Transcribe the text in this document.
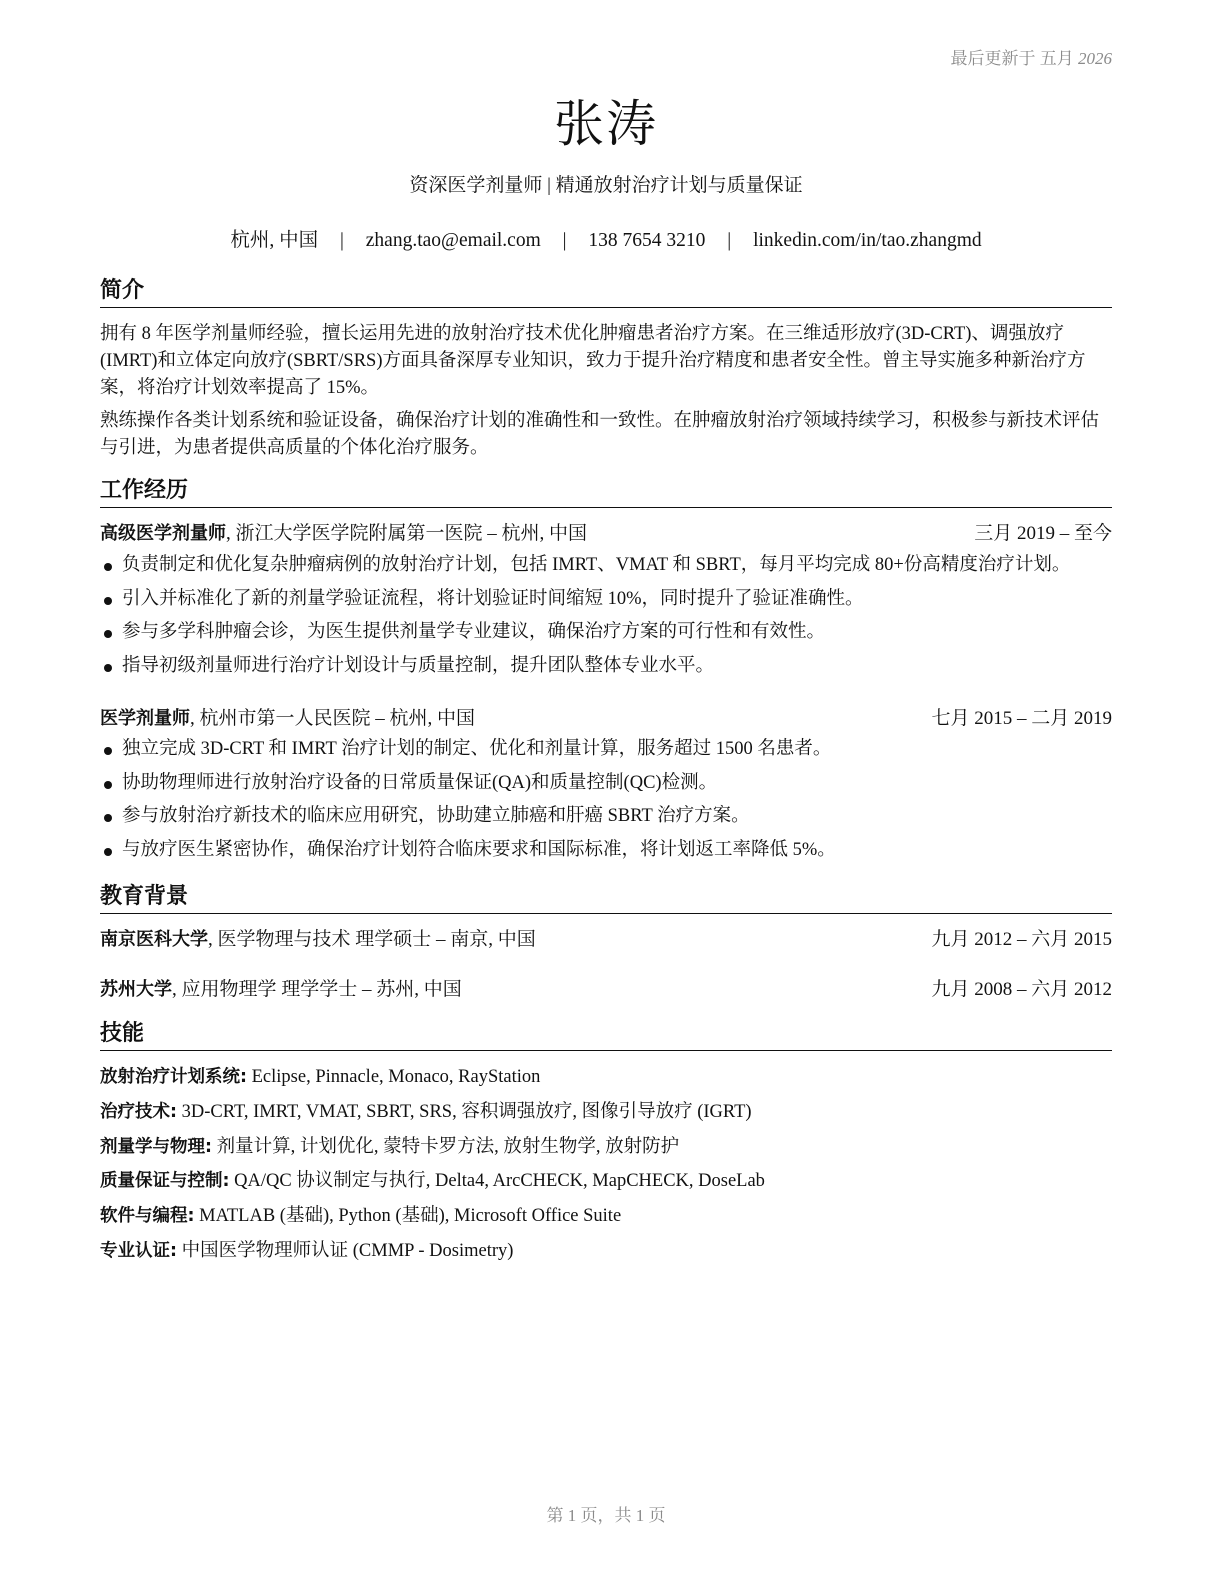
最后更新于 五月 2026
张涛
资深医学剂量师 | 精通放射治疗计划与质量保证
杭州, 中国 | zhang.tao@email.com | 138 7654 3210 | linkedin.com/in/tao.zhangmd
简介

拥有 8 年医学剂量师经验，擅长运用先进的放射治疗技术优化肿瘤患者治疗方案。在三维适形放疗(3D-CRT)、调强放疗(IMRT)和立体定向放疗(SBRT/SRS)方面具备深厚专业知识，致力于提升治疗精度和患者安全性。曾主导实施多种新治疗方案，将治疗计划效率提高了 15%。

熟练操作各类计划系统和验证设备，确保治疗计划的准确性和一致性。在肿瘤放射治疗领域持续学习，积极参与新技术评估与引进，为患者提供高质量的个体化治疗服务。

工作经历
高级医学剂量师, 浙江大学医学院附属第一医院 – 杭州, 中国	三月 2019 – 至今
负责制定和优化复杂肿瘤病例的放射治疗计划，包括 IMRT、VMAT 和 SBRT，每月平均完成 80+份高精度治疗计划。
引入并标准化了新的剂量学验证流程，将计划验证时间缩短 10%，同时提升了验证准确性。
参与多学科肿瘤会诊，为医生提供剂量学专业建议，确保治疗方案的可行性和有效性。
指导初级剂量师进行治疗计划设计与质量控制，提升团队整体专业水平。
医学剂量师, 杭州市第一人民医院 – 杭州, 中国	七月 2015 – 二月 2019
独立完成 3D-CRT 和 IMRT 治疗计划的制定、优化和剂量计算，服务超过 1500 名患者。
协助物理师进行放射治疗设备的日常质量保证(QA)和质量控制(QC)检测。
参与放射治疗新技术的临床应用研究，协助建立肺癌和肝癌 SBRT 治疗方案。
与放疗医生紧密协作，确保治疗计划符合临床要求和国际标准，将计划返工率降低 5%。
教育背景
南京医科大学, 医学物理与技术 理学硕士 – 南京, 中国	九月 2012 – 六月 2015
苏州大学, 应用物理学 理学学士 – 苏州, 中国	九月 2008 – 六月 2012
技能
放射治疗计划系统: Eclipse, Pinnacle, Monaco, RayStation
治疗技术: 3D-CRT, IMRT, VMAT, SBRT, SRS, 容积调强放疗, 图像引导放疗 (IGRT)
剂量学与物理: 剂量计算, 计划优化, 蒙特卡罗方法, 放射生物学, 放射防护
质量保证与控制: QA/QC 协议制定与执行, Delta4, ArcCHECK, MapCHECK, DoseLab
软件与编程: MATLAB (基础), Python (基础), Microsoft Office Suite
专业认证: 中国医学物理师认证 (CMMP - Dosimetry)
第 1 页，共 1 页
